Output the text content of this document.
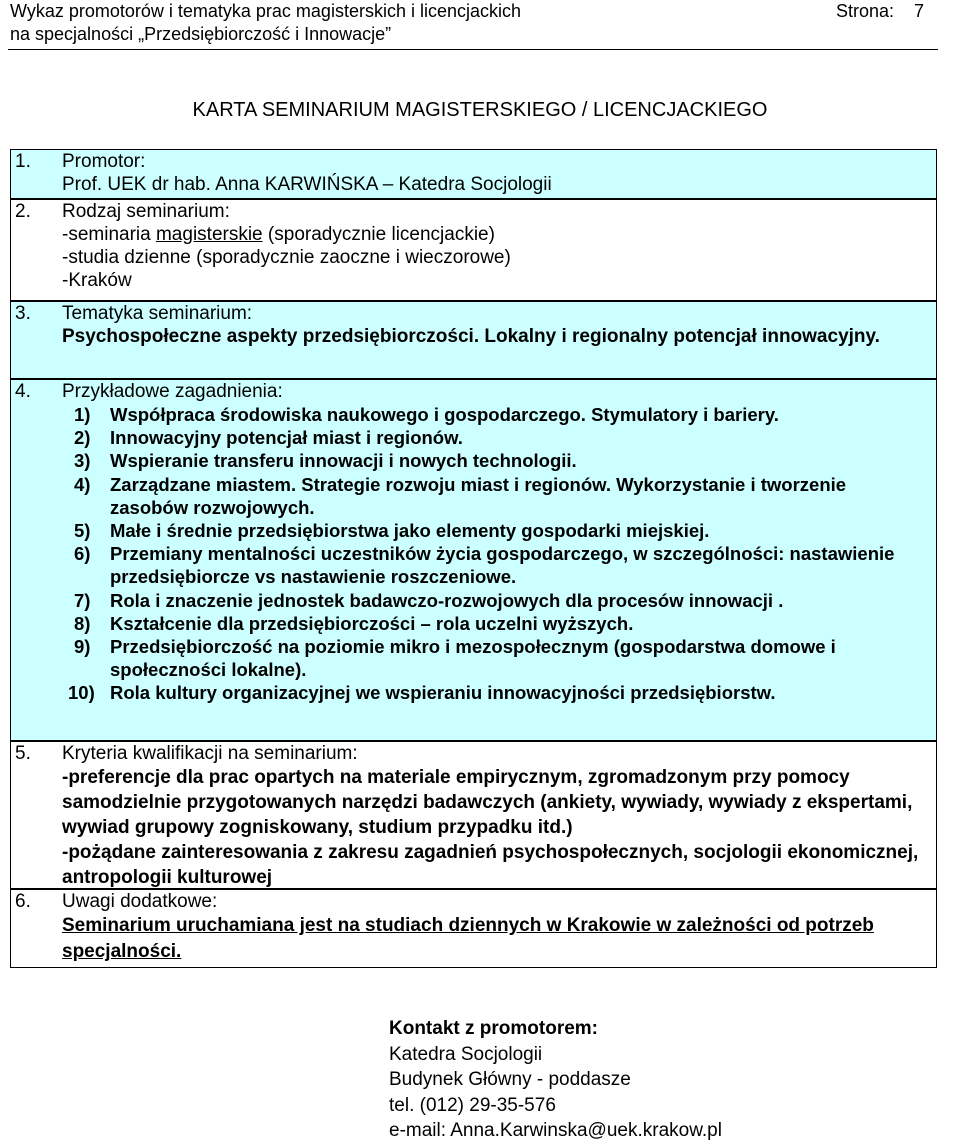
Wykaz promotorów i tematyka prac magisterskich i licencjackich
na specjalności „Przedsiębiorczość i Innowacje”
Strona: 7
KARTA SEMINARIUM MAGISTERSKIEGO / LICENCJACKIEGO
1. Promotor:
Prof. UEK dr hab. Anna KARWIŃSKA – Katedra Socjologii
2. Rodzaj seminarium:
-seminaria magisterskie (sporadycznie licencjackie)
-studia dzienne (sporadycznie zaoczne i wieczorowe)
-Kraków
3. Tematyka seminarium:
Psychospołeczne aspekty przedsiębiorczości. Lokalny i regionalny potencjał innowacyjny.
4. Przykładowe zagadnienia:
1) Współpraca środowiska naukowego i gospodarczego. Stymulatory i bariery.
2) Innowacyjny potencjał miast i regionów.
3) Wspieranie transferu innowacji i nowych technologii.
4) Zarządzane miastem. Strategie rozwoju miast i regionów. Wykorzystanie i tworzenie zasobów rozwojowych.
5) Małe i średnie przedsiębiorstwa jako elementy gospodarki miejskiej.
6) Przemiany mentalności uczestników życia gospodarczego, w szczególności: nastawienie przedsiębiorcze vs nastawienie roszczeniowe.
7) Rola i znaczenie jednostek badawczo-rozwojowych dla procesów innowacji .
8) Kształcenie dla przedsiębiorczości – rola uczelni wyższych.
9) Przedsiębiorczość na poziomie mikro i mezospołecznym (gospodarstwa domowe i społeczności lokalne).
10) Rola kultury organizacyjnej we wspieraniu innowacyjności przedsiębiorstw.
5. Kryteria kwalifikacji na seminarium:
-preferencje dla prac opartych na materiale empirycznym, zgromadzonym przy pomocy samodzielnie przygotowanych narzędzi badawczych (ankiety, wywiady, wywiady z ekspertami, wywiad grupowy zogniskowany, studium przypadku itd.)
-pożądane zainteresowania z zakresu zagadnień psychospołecznych, socjologii ekonomicznej, antropologii kulturowej
6. Uwagi dodatkowe:
Seminarium uruchamiana jest na studiach dziennych w Krakowie w zależności od potrzeb specjalności.
Kontakt z promotorem:
Katedra Socjologii
Budynek Główny - poddasze
tel. (012) 29-35-576
e-mail: Anna.Karwinska@uek.krakow.pl
